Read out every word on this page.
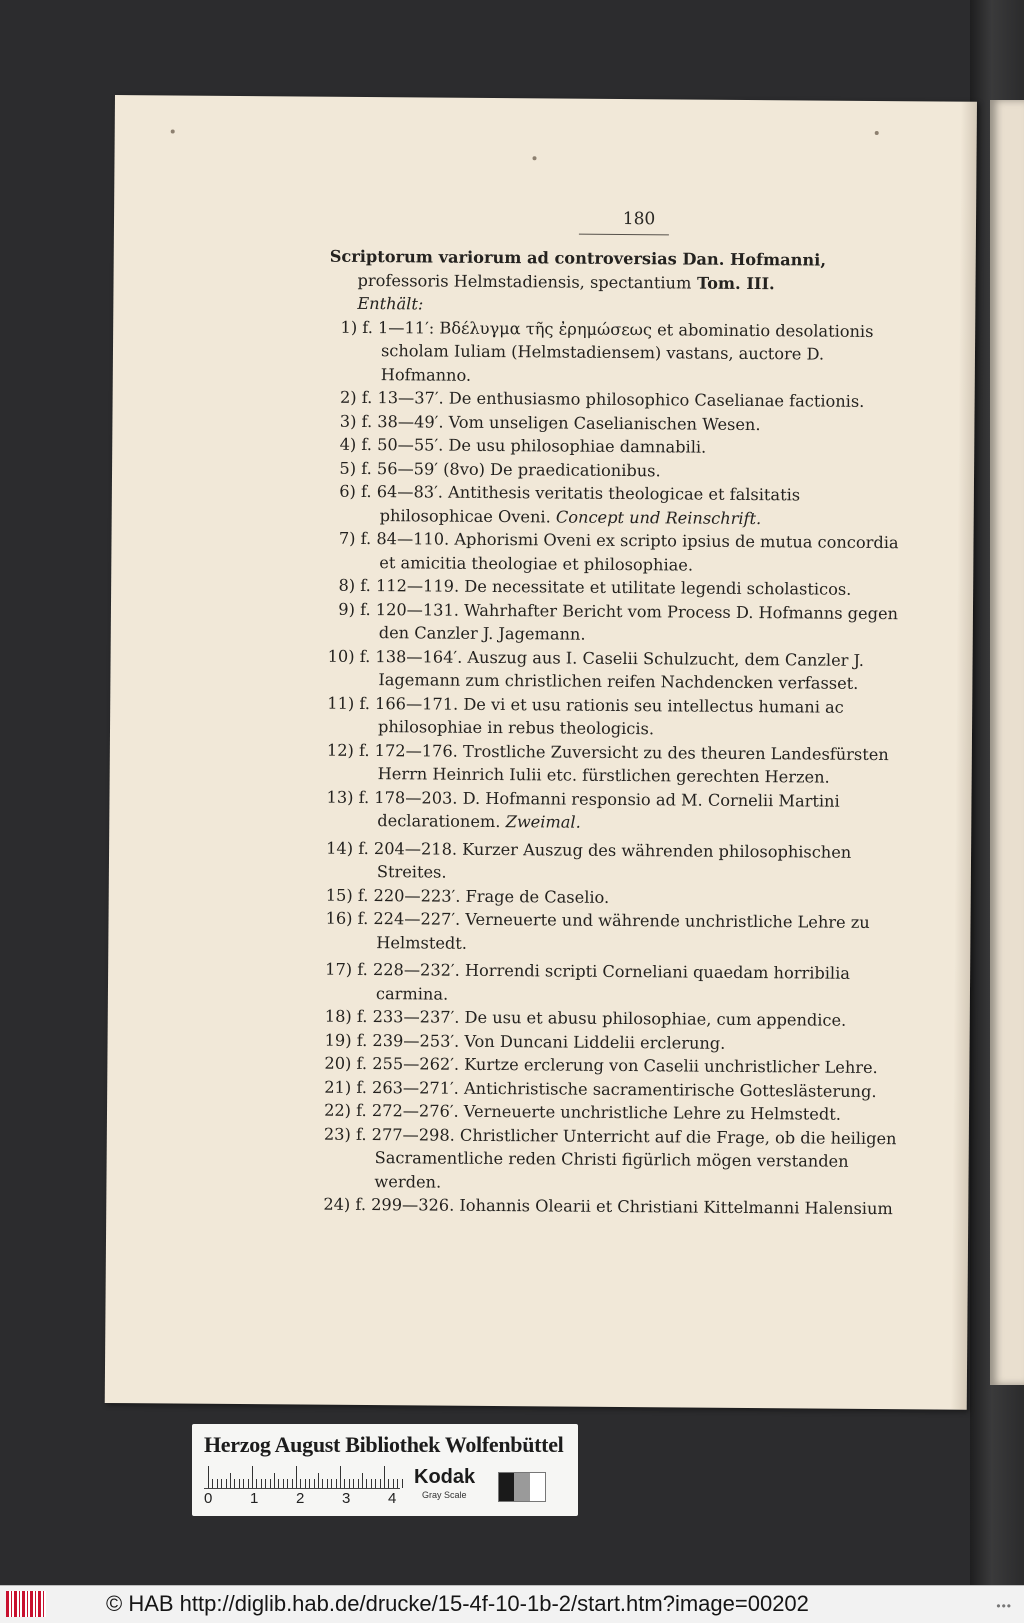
180
Scriptorum variorum ad controversias Dan. Hofmanni, professoris Helmstadiensis, spectantium Tom. III.
Enthält:
1) f. 1—11′: Βδέλυγμα τῆς ἐρημώσεως et abominatio desolationis scholam Iuliam (Helmstadiensem) vastans, auctore D. Hofmanno.
2) f. 13—37′. De enthusiasmo philosophico Caselianae factionis.
3) f. 38—49′. Vom unseligen Caselianischen Wesen.
4) f. 50—55′. De usu philosophiae damnabili.
5) f. 56—59′ (8vo) De praedicationibus.
6) f. 64—83′. Antithesis veritatis theologicae et falsitatis philosophicae Oveni. Concept und Reinschrift.
7) f. 84—110. Aphorismi Oveni ex scripto ipsius de mutua concordia et amicitia theologiae et philosophiae.
8) f. 112—119. De necessitate et utilitate legendi scholasticos.
9) f. 120—131. Wahrhafter Bericht vom Process D. Hofmanns gegen den Canzler J. Jagemann.
10) f. 138—164′. Auszug aus I. Caselii Schulzucht, dem Canzler J. Iagemann zum christlichen reifen Nachdencken verfasset.
11) f. 166—171. De vi et usu rationis seu intellectus humani ac philosophiae in rebus theologicis.
12) f. 172—176. Trostliche Zuversicht zu des theuren Landesfürsten Herrn Heinrich Iulii etc. fürstlichen gerechten Herzen.
13) f. 178—203. D. Hofmanni responsio ad M. Cornelii Martini declarationem. Zweimal.
14) f. 204—218. Kurzer Auszug des währenden philosophischen Streites.
15) f. 220—223′. Frage de Caselio.
16) f. 224—227′. Verneuerte und währende unchristliche Lehre zu Helmstedt.
17) f. 228—232′. Horrendi scripti Corneliani quaedam horribilia carmina.
18) f. 233—237′. De usu et abusu philosophiae, cum appendice.
19) f. 239—253′. Von Duncani Liddelii erclerung.
20) f. 255—262′. Kurtze erclerung von Caselii unchristlicher Lehre.
21) f. 263—271′. Antichristische sacramentirische Gotteslästerung.
22) f. 272—276′. Verneuerte unchristliche Lehre zu Helmstedt.
23) f. 277—298. Christlicher Unterricht auf die Frage, ob die heiligen Sacramentliche reden Christi figürlich mögen verstanden werden.
24) f. 299—326. Iohannis Olearii et Christiani Kittelmanni Halensium
Herzog August Bibliothek Wolfenbüttel
0	1	2	3	4
Kodak
Gray Scale
© HAB http://diglib.hab.de/drucke/15-4f-10-1b-2/start.htm?image=00202	•••
